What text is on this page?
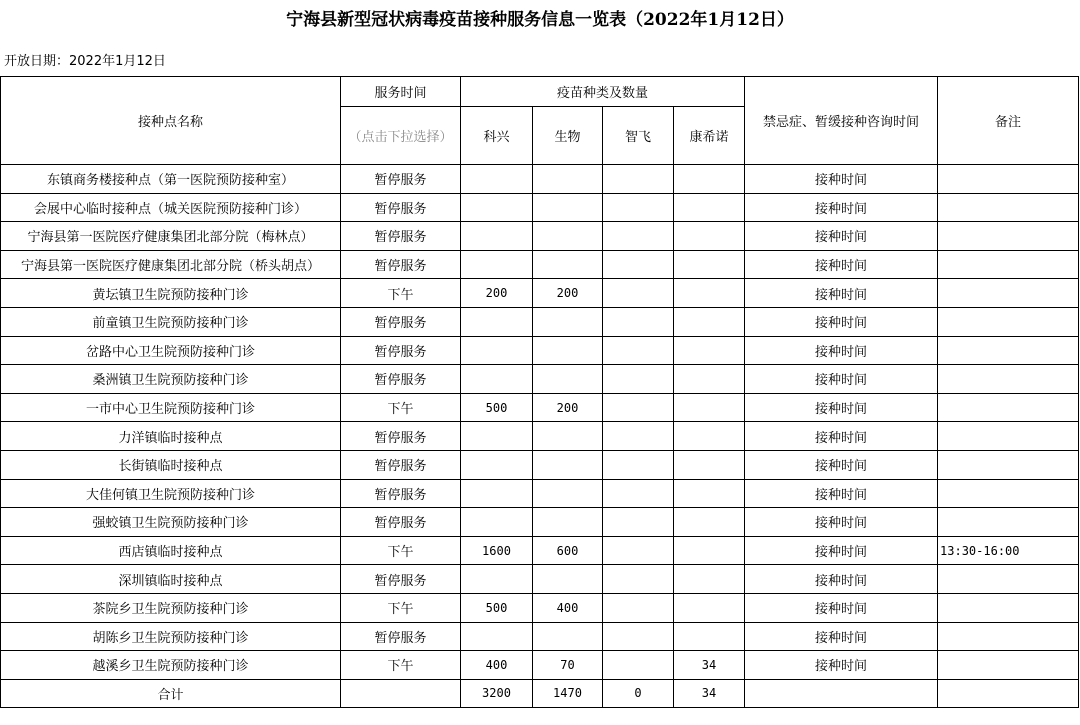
宁海县新型冠状病毒疫苗接种服务信息一览表（2022年1月12日）
开放日期：2022年1月12日
接种点名称	服务时间	疫苗种类及数量				禁忌症、暂缓接种咨询时间	备注
	（点击下拉选择）	科兴	生物	智飞	康希诺		
东镇商务楼接种点（第一医院预防接种室）	暂停服务					接种时间	
会展中心临时接种点（城关医院预防接种门诊）	暂停服务					接种时间	
宁海县第一医院医疗健康集团北部分院（梅林点）	暂停服务					接种时间	
宁海县第一医院医疗健康集团北部分院（桥头胡点）	暂停服务					接种时间	
黄坛镇卫生院预防接种门诊	下午	200	200			接种时间	
前童镇卫生院预防接种门诊	暂停服务					接种时间	
岔路中心卫生院预防接种门诊	暂停服务					接种时间	
桑洲镇卫生院预防接种门诊	暂停服务					接种时间	
一市中心卫生院预防接种门诊	下午	500	200			接种时间	
力洋镇临时接种点	暂停服务					接种时间	
长街镇临时接种点	暂停服务					接种时间	
大佳何镇卫生院预防接种门诊	暂停服务					接种时间	
强蛟镇卫生院预防接种门诊	暂停服务					接种时间	
西店镇临时接种点	下午	1600	600			接种时间	13:30-16:00
深圳镇临时接种点	暂停服务					接种时间	
茶院乡卫生院预防接种门诊	下午	500	400			接种时间	
胡陈乡卫生院预防接种门诊	暂停服务					接种时间	
越溪乡卫生院预防接种门诊	下午	400	70		34	接种时间	
合计		3200	1470	0	34		
